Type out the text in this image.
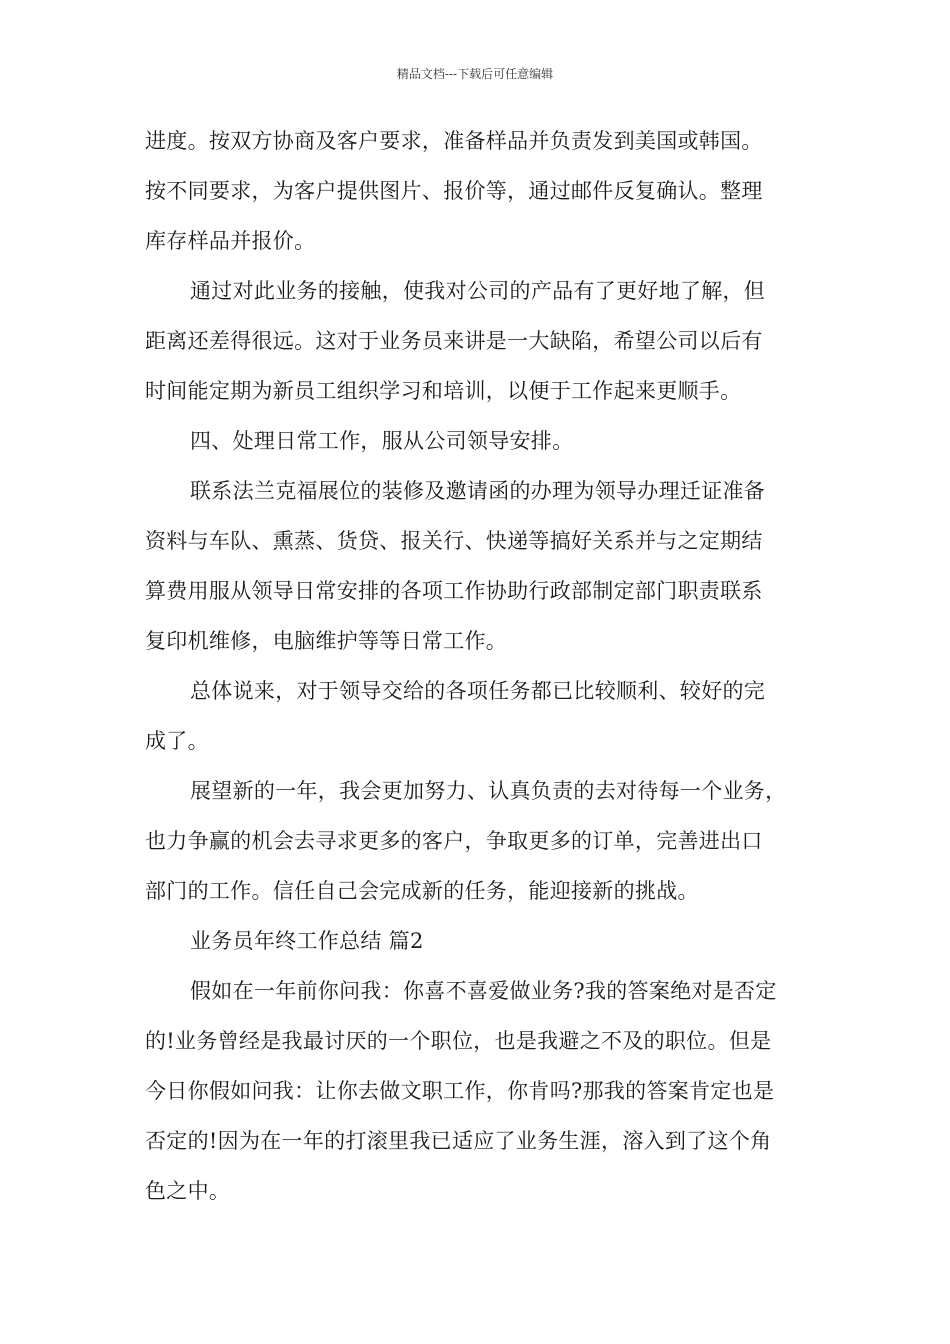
精品文档---下载后可任意编辑
进度。按双方协商及客户要求，准备样品并负责发到美国或韩国。
按不同要求，为客户提供图片、报价等，通过邮件反复确认。整理
库存样品并报价。
通过对此业务的接触，使我对公司的产品有了更好地了解，但
距离还差得很远。这对于业务员来讲是一大缺陷，希望公司以后有
时间能定期为新员工组织学习和培训，以便于工作起来更顺手。
四、处理日常工作，服从公司领导安排。
联系法兰克福展位的装修及邀请函的办理为领导办理迁证准备
资料与车队、熏蒸、货贷、报关行、快递等搞好关系并与之定期结
算费用服从领导日常安排的各项工作协助行政部制定部门职责联系
复印机维修，电脑维护等等日常工作。
总体说来，对于领导交给的各项任务都已比较顺利、较好的完
成了。
展望新的一年，我会更加努力、认真负责的去对待每一个业务，
也力争赢的机会去寻求更多的客户，争取更多的订单，完善进出口
部门的工作。信任自己会完成新的任务，能迎接新的挑战。
业务员年终工作总结 篇2
假如在一年前你问我：你喜不喜爱做业务?我的答案绝对是否定
的!业务曾经是我最讨厌的一个职位，也是我避之不及的职位。但是
今日你假如问我：让你去做文职工作，你肯吗?那我的答案肯定也是
否定的!因为在一年的打滚里我已适应了业务生涯，溶入到了这个角
色之中。
